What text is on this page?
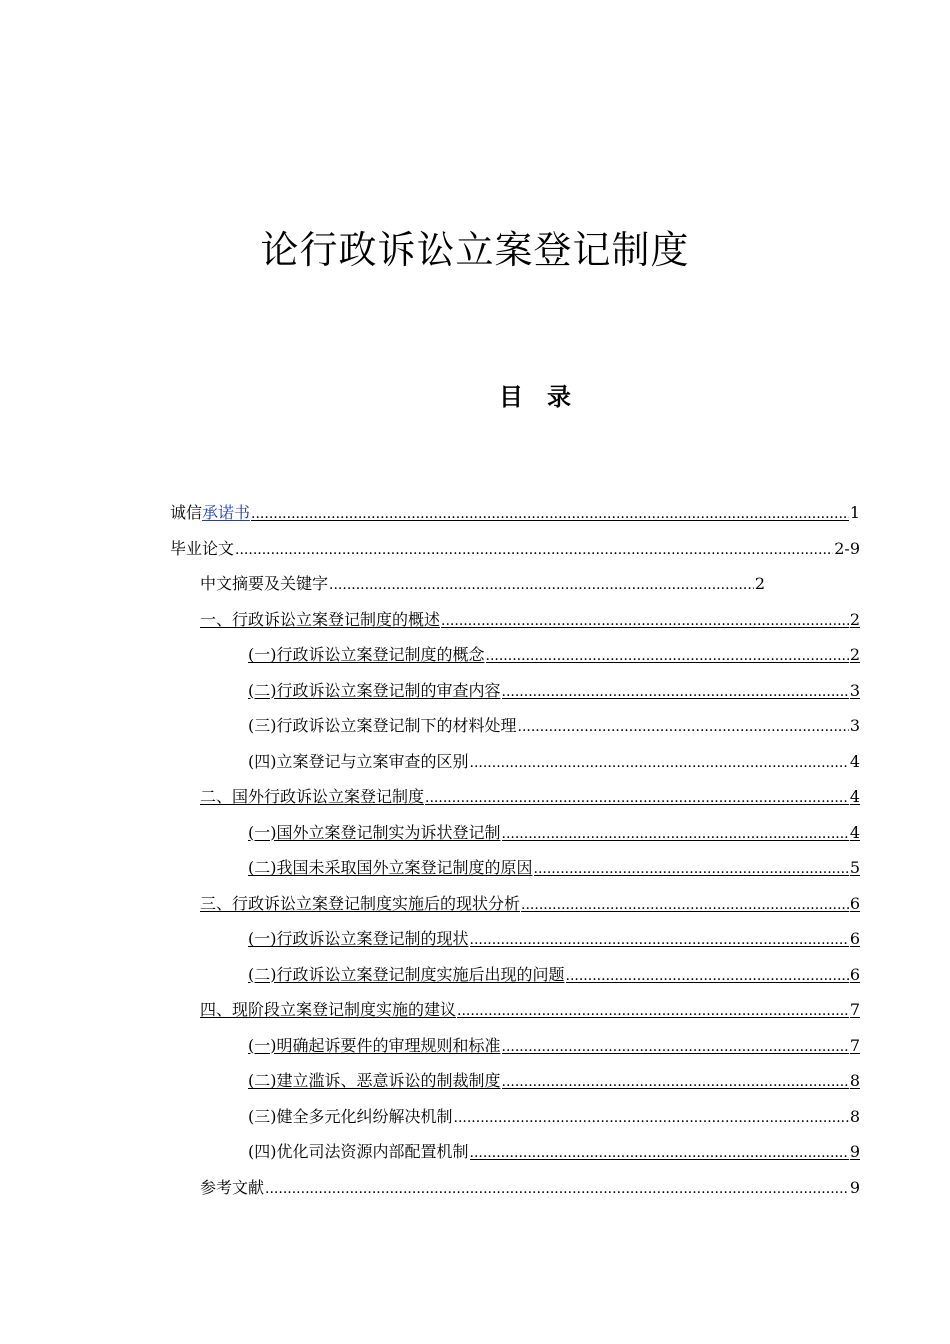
论行政诉讼立案登记制度
目 录
诚信承诺书 .....	1
毕业论文 .....	2-9
中文摘要及关键字 .....	2
一、行政诉讼立案登记制度的概述 .....	2
(一)行政诉讼立案登记制度的概念 .....	2
(二)行政诉讼立案登记制的审查内容 .....	3
(三)行政诉讼立案登记制下的材料处理 .....	3
(四)立案登记与立案审查的区别 .....	4
二、国外行政诉讼立案登记制度 .....	4
(一)国外立案登记制实为诉状登记制 .....	4
(二)我国未采取国外立案登记制度的原因 .....	5
三、行政诉讼立案登记制度实施后的现状分析 .....	6
(一)行政诉讼立案登记制的现状 .....	6
(二)行政诉讼立案登记制度实施后出现的问题 .....	6
四、现阶段立案登记制度实施的建议 .....	7
(一)明确起诉要件的审理规则和标准 .....	7
(二)建立滥诉、恶意诉讼的制裁制度 .....	8
(三)健全多元化纠纷解决机制 .....	8
(四)优化司法资源内部配置机制 .....	9
参考文献 .....	9
